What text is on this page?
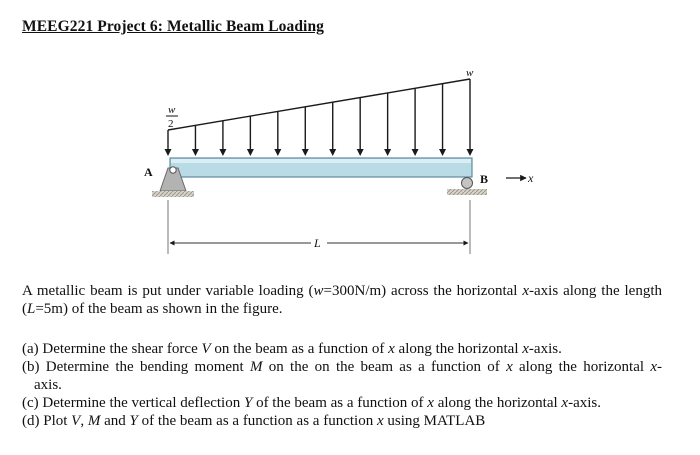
MEEG221 Project 6: Metallic Beam Loading
w
w
2
A	B	x
L
A metallic beam is put under variable loading (w=300N/m) across the horizontal x-axis along the length (L=5m) of the beam as shown in the figure.
(a) Determine the shear force V on the beam as a function of x along the horizontal x-axis.
(b) Determine the bending moment M on the on the beam as a function of x along the horizontal x-
axis.
(c) Determine the vertical deflection Y of the beam as a function of x along the horizontal x-axis.
(d) Plot V, M and Y of the beam as a function as a function x using MATLAB
